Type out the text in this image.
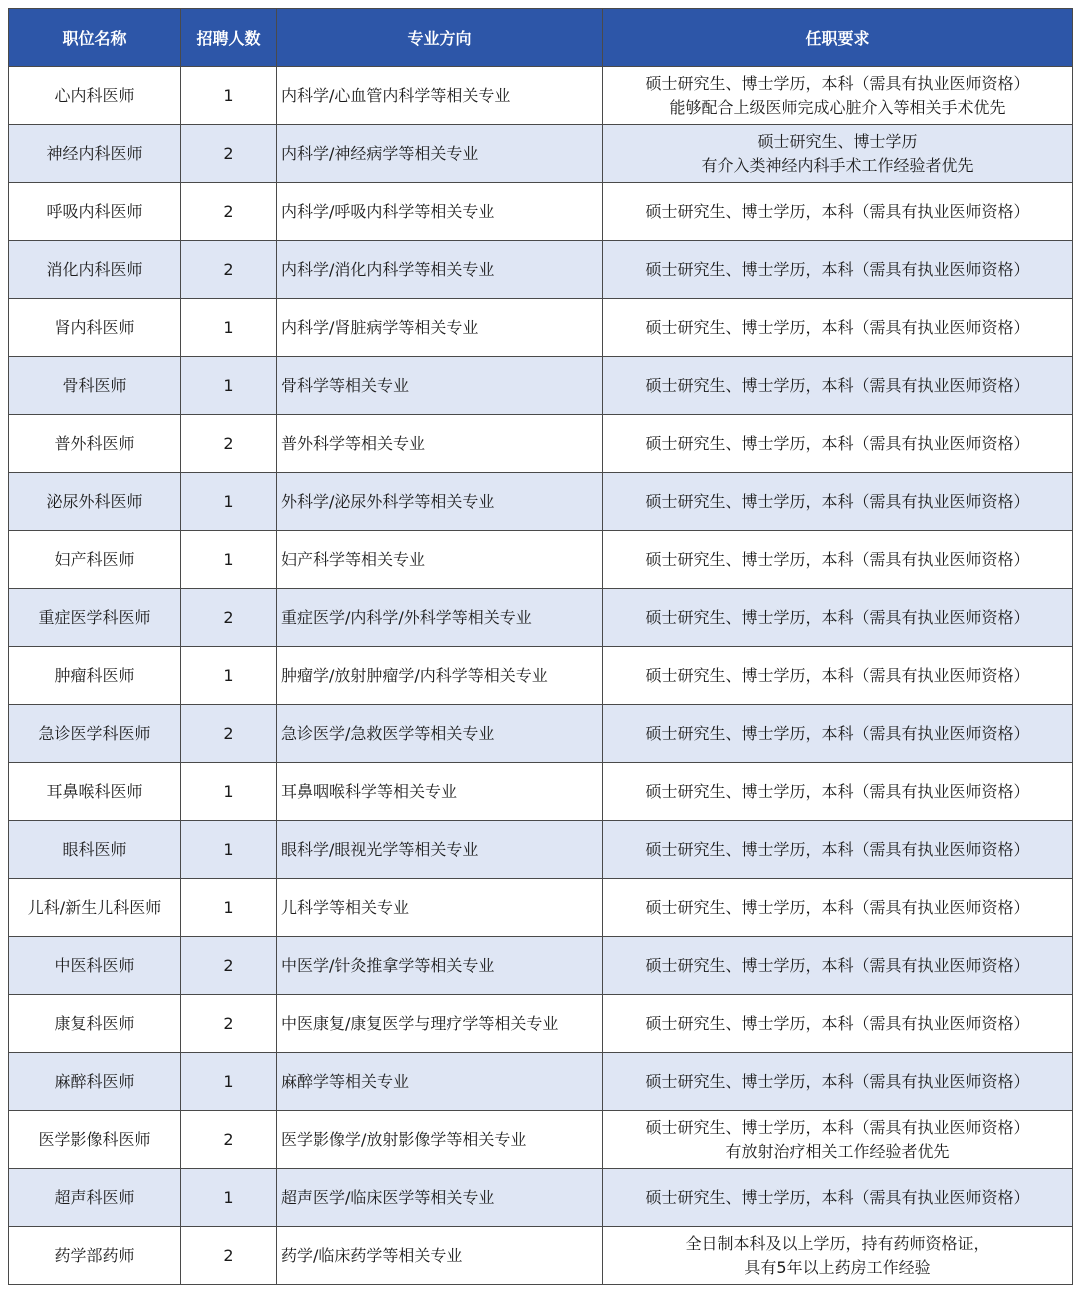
职位名称	招聘人数	专业方向	任职要求
心内科医师	1	内科学/心血管内科学等相关专业	硕士研究生、博士学历，本科（需具有执业医师资格）
能够配合上级医师完成心脏介入等相关手术优先

神经内科医师	2	内科学/神经病学等相关专业	硕士研究生、博士学历
有介入类神经内科手术工作经验者优先

呼吸内科医师	2	内科学/呼吸内科学等相关专业	硕士研究生、博士学历，本科（需具有执业医师资格）

消化内科医师	2	内科学/消化内科学等相关专业	硕士研究生、博士学历，本科（需具有执业医师资格）

肾内科医师	1	内科学/肾脏病学等相关专业	硕士研究生、博士学历，本科（需具有执业医师资格）

骨科医师	1	骨科学等相关专业	硕士研究生、博士学历，本科（需具有执业医师资格）

普外科医师	2	普外科学等相关专业	硕士研究生、博士学历，本科（需具有执业医师资格）

泌尿外科医师	1	外科学/泌尿外科学等相关专业	硕士研究生、博士学历，本科（需具有执业医师资格）

妇产科医师	1	妇产科学等相关专业	硕士研究生、博士学历，本科（需具有执业医师资格）

重症医学科医师	2	重症医学/内科学/外科学等相关专业	硕士研究生、博士学历，本科（需具有执业医师资格）

肿瘤科医师	1	肿瘤学/放射肿瘤学/内科学等相关专业	硕士研究生、博士学历，本科（需具有执业医师资格）

急诊医学科医师	2	急诊医学/急救医学等相关专业	硕士研究生、博士学历，本科（需具有执业医师资格）

耳鼻喉科医师	1	耳鼻咽喉科学等相关专业	硕士研究生、博士学历，本科（需具有执业医师资格）

眼科医师	1	眼科学/眼视光学等相关专业	硕士研究生、博士学历，本科（需具有执业医师资格）

儿科/新生儿科医师	1	儿科学等相关专业	硕士研究生、博士学历，本科（需具有执业医师资格）

中医科医师	2	中医学/针灸推拿学等相关专业	硕士研究生、博士学历，本科（需具有执业医师资格）

康复科医师	2	中医康复/康复医学与理疗学等相关专业	硕士研究生、博士学历，本科（需具有执业医师资格）

麻醉科医师	1	麻醉学等相关专业	硕士研究生、博士学历，本科（需具有执业医师资格）

医学影像科医师	2	医学影像学/放射影像学等相关专业	硕士研究生、博士学历，本科（需具有执业医师资格）
有放射治疗相关工作经验者优先

超声科医师	1	超声医学/临床医学等相关专业	硕士研究生、博士学历，本科（需具有执业医师资格）

药学部药师	2	药学/临床药学等相关专业	全日制本科及以上学历，持有药师资格证，
具有5年以上药房工作经验
